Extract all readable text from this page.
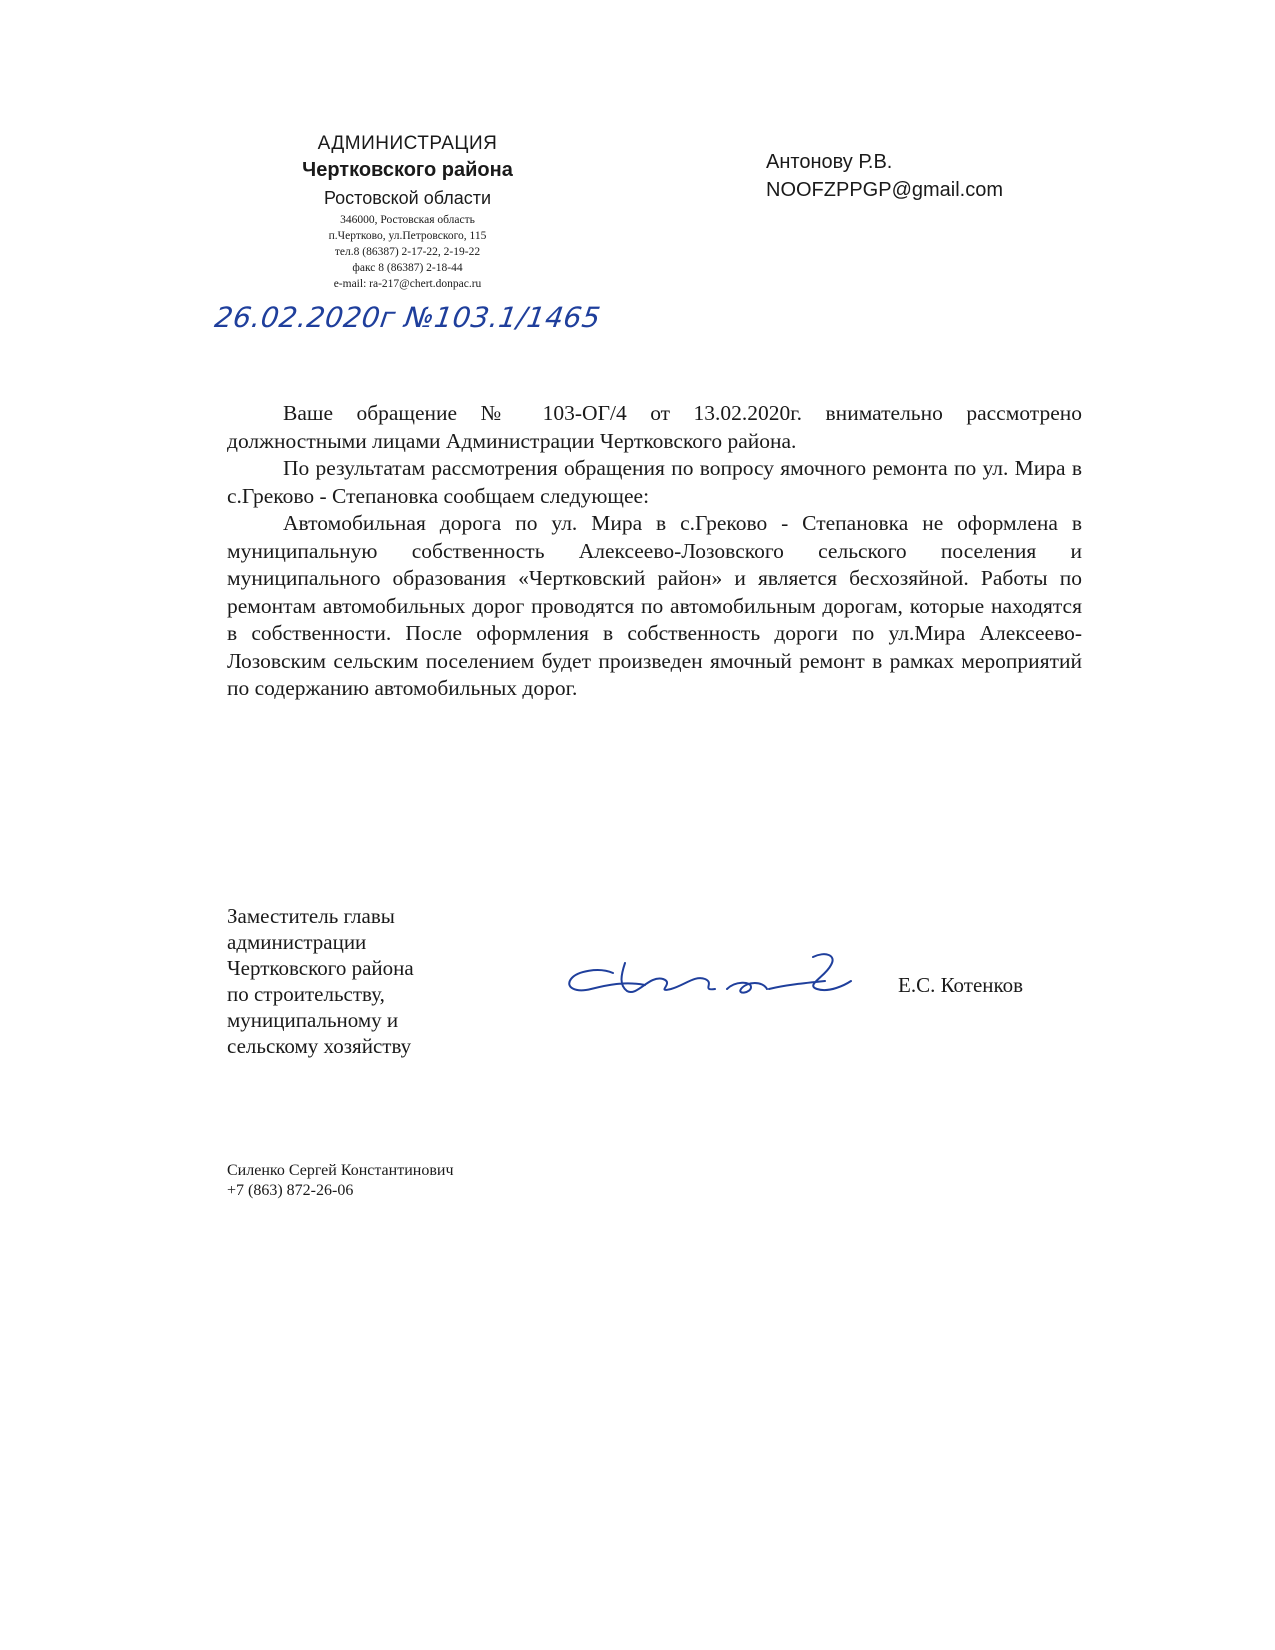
АДМИНИСТРАЦИЯ
Чертковского района
Ростовской области
346000, Ростовская область
п.Чертково, ул.Петровского, 115
тел.8 (86387) 2-17-22, 2-19-22
факс 8 (86387) 2-18-44
e-mail: ra-217@chert.donpac.ru
26.02.2020г №103.1/1465
Антонову Р.В.
NOOFZPPGP@gmail.com

Ваше обращение № 103-ОГ/4 от 13.02.2020г. внимательно рассмотрено должностными лицами Администрации Чертковского района.

По результатам рассмотрения обращения по вопросу ямочного ремонта по ул. Мира в с.Греково - Степановка сообщаем следующее:

Автомобильная дорога по ул. Мира в с.Греково - Степановка не оформлена в муниципальную собственность Алексеево-Лозовского сельского поселения и муниципального образования «Чертковский район» и является бесхозяйной. Работы по ремонтам автомобильных дорог проводятся по автомобильным дорогам, которые находятся в собственности. После оформления в собственность дороги по ул.Мира Алексеево-Лозовским сельским поселением будет произведен ямочный ремонт в рамках мероприятий по содержанию автомобильных дорог.

Заместитель главы
администрации
Чертковского района
по строительству,
муниципальному и
сельскому хозяйству
Е.С. Котенков
Силенко Сергей Константинович
+7 (863) 872-26-06
